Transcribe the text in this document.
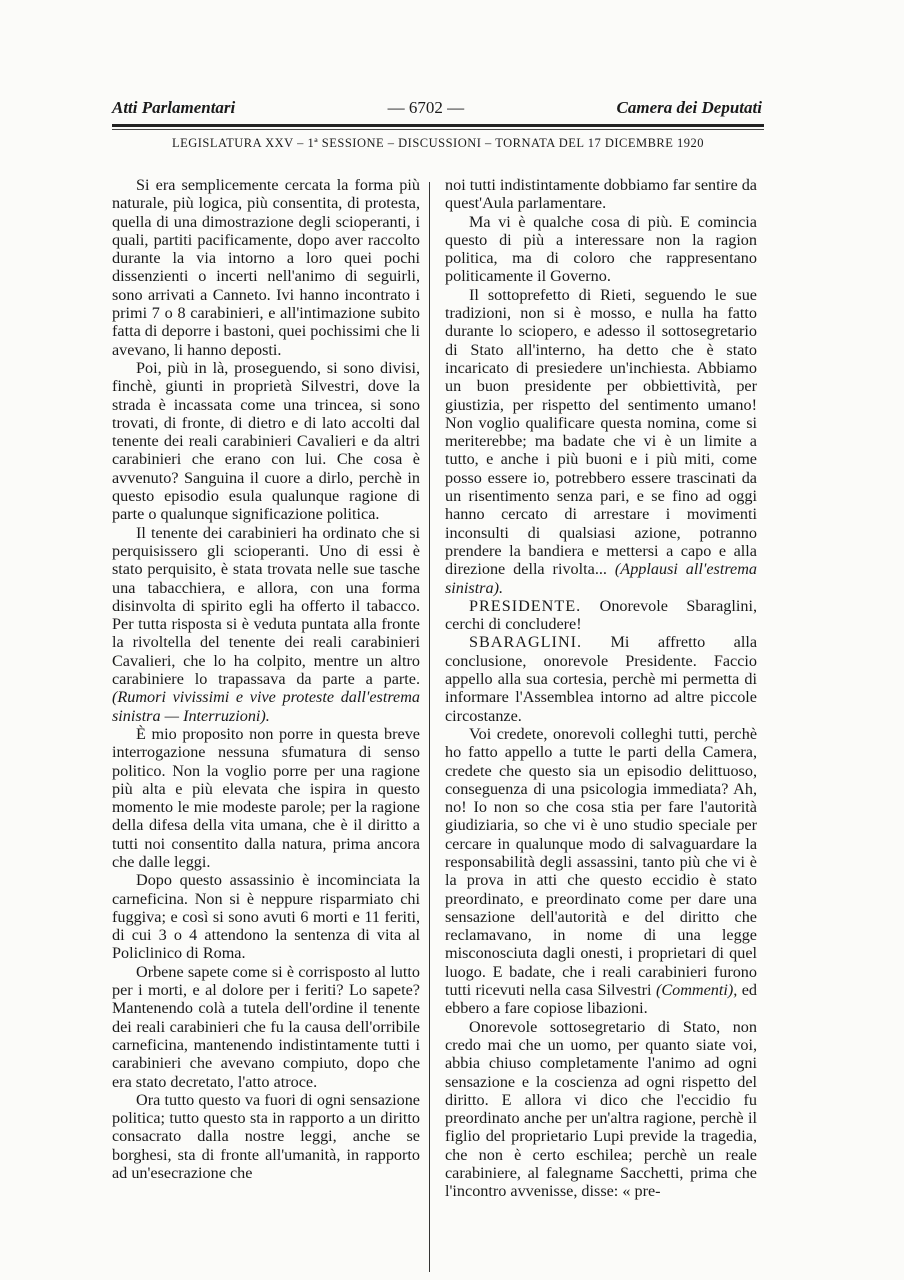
Atti Parlamentari	— 6702 —	Camera dei Deputati
LEGISLATURA XXV – 1ª SESSIONE – DISCUSSIONI – TORNATA DEL 17 DICEMBRE 1920

Si era semplicemente cercata la forma più naturale, più logica, più consentita, di protesta, quella di una dimostrazione degli scioperanti, i quali, partiti pacificamente, dopo aver raccolto durante la via intorno a loro quei pochi dissenzienti o incerti nell'animo di seguirli, sono arrivati a Canneto. Ivi hanno incontrato i primi 7 o 8 carabinieri, e all'intimazione subito fatta di deporre i bastoni, quei pochissimi che li avevano, li hanno deposti.

Poi, più in là, proseguendo, si sono divisi, finchè, giunti in proprietà Silvestri, dove la strada è incassata come una trincea, si sono trovati, di fronte, di dietro e di lato accolti dal tenente dei reali carabinieri Cavalieri e da altri carabinieri che erano con lui. Che cosa è avvenuto? Sanguina il cuore a dirlo, perchè in questo episodio esula qualunque ragione di parte o qualunque significazione politica.

Il tenente dei carabinieri ha ordinato che si perquisissero gli scioperanti. Uno di essi è stato perquisito, è stata trovata nelle sue tasche una tabacchiera, e allora, con una forma disinvolta di spirito egli ha offerto il tabacco. Per tutta risposta si è veduta puntata alla fronte la rivoltella del tenente dei reali carabinieri Cavalieri, che lo ha colpito, mentre un altro carabiniere lo trapassava da parte a parte. (Rumori vivissimi e vive proteste dall'estrema sinistra — Interruzioni).

È mio proposito non porre in questa breve interrogazione nessuna sfumatura di senso politico. Non la voglio porre per una ragione più alta e più elevata che ispira in questo momento le mie modeste parole; per la ragione della difesa della vita umana, che è il diritto a tutti noi consentito dalla natura, prima ancora che dalle leggi.

Dopo questo assassinio è incominciata la carneficina. Non si è neppure risparmiato chi fuggiva; e così si sono avuti 6 morti e 11 feriti, di cui 3 o 4 attendono la sentenza di vita al Policlinico di Roma.

Orbene sapete come si è corrisposto al lutto per i morti, e al dolore per i feriti? Lo sapete? Mantenendo colà a tutela dell'ordine il tenente dei reali carabinieri che fu la causa dell'orribile carneficina, mantenendo indistintamente tutti i carabinieri che avevano compiuto, dopo che era stato decretato, l'atto atroce.

Ora tutto questo va fuori di ogni sensazione politica; tutto questo sta in rapporto a un diritto consacrato dalla nostre leggi, anche se borghesi, sta di fronte all'umanità, in rapporto ad un'esecrazione che

noi tutti indistintamente dobbiamo far sentire da quest'Aula parlamentare.

Ma vi è qualche cosa di più. E comincia questo di più a interessare non la ragion politica, ma di coloro che rappresentano politicamente il Governo.

Il sottoprefetto di Rieti, seguendo le sue tradizioni, non si è mosso, e nulla ha fatto durante lo sciopero, e adesso il sottosegretario di Stato all'interno, ha detto che è stato incaricato di presiedere un'inchiesta. Abbiamo un buon presidente per obbiettività, per giustizia, per rispetto del sentimento umano! Non voglio qualificare questa nomina, come si meriterebbe; ma badate che vi è un limite a tutto, e anche i più buoni e i più miti, come posso essere io, potrebbero essere trascinati da un risentimento senza pari, e se fino ad oggi hanno cercato di arrestare i movimenti inconsulti di qualsiasi azione, potranno prendere la bandiera e mettersi a capo e alla direzione della rivolta... (Applausi all'estrema sinistra).

PRESIDENTE. Onorevole Sbaraglini, cerchi di concludere!

SBARAGLINI. Mi affretto alla conclusione, onorevole Presidente. Faccio appello alla sua cortesia, perchè mi permetta di informare l'Assemblea intorno ad altre piccole circostanze.

Voi credete, onorevoli colleghi tutti, perchè ho fatto appello a tutte le parti della Camera, credete che questo sia un episodio delittuoso, conseguenza di una psicologia immediata? Ah, no! Io non so che cosa stia per fare l'autorità giudiziaria, so che vi è uno studio speciale per cercare in qualunque modo di salvaguardare la responsabilità degli assassini, tanto più che vi è la prova in atti che questo eccidio è stato preordinato, e preordinato come per dare una sensazione dell'autorità e del diritto che reclamavano, in nome di una legge misconosciuta dagli onesti, i proprietari di quel luogo. E badate, che i reali carabinieri furono tutti ricevuti nella casa Silvestri (Commenti), ed ebbero a fare copiose libazioni.

Onorevole sottosegretario di Stato, non credo mai che un uomo, per quanto siate voi, abbia chiuso completamente l'animo ad ogni sensazione e la coscienza ad ogni rispetto del diritto. E allora vi dico che l'eccidio fu preordinato anche per un'altra ragione, perchè il figlio del proprietario Lupi previde la tragedia, che non è certo eschilea; perchè un reale carabiniere, al falegname Sacchetti, prima che l'incontro avvenisse, disse: « pre-
